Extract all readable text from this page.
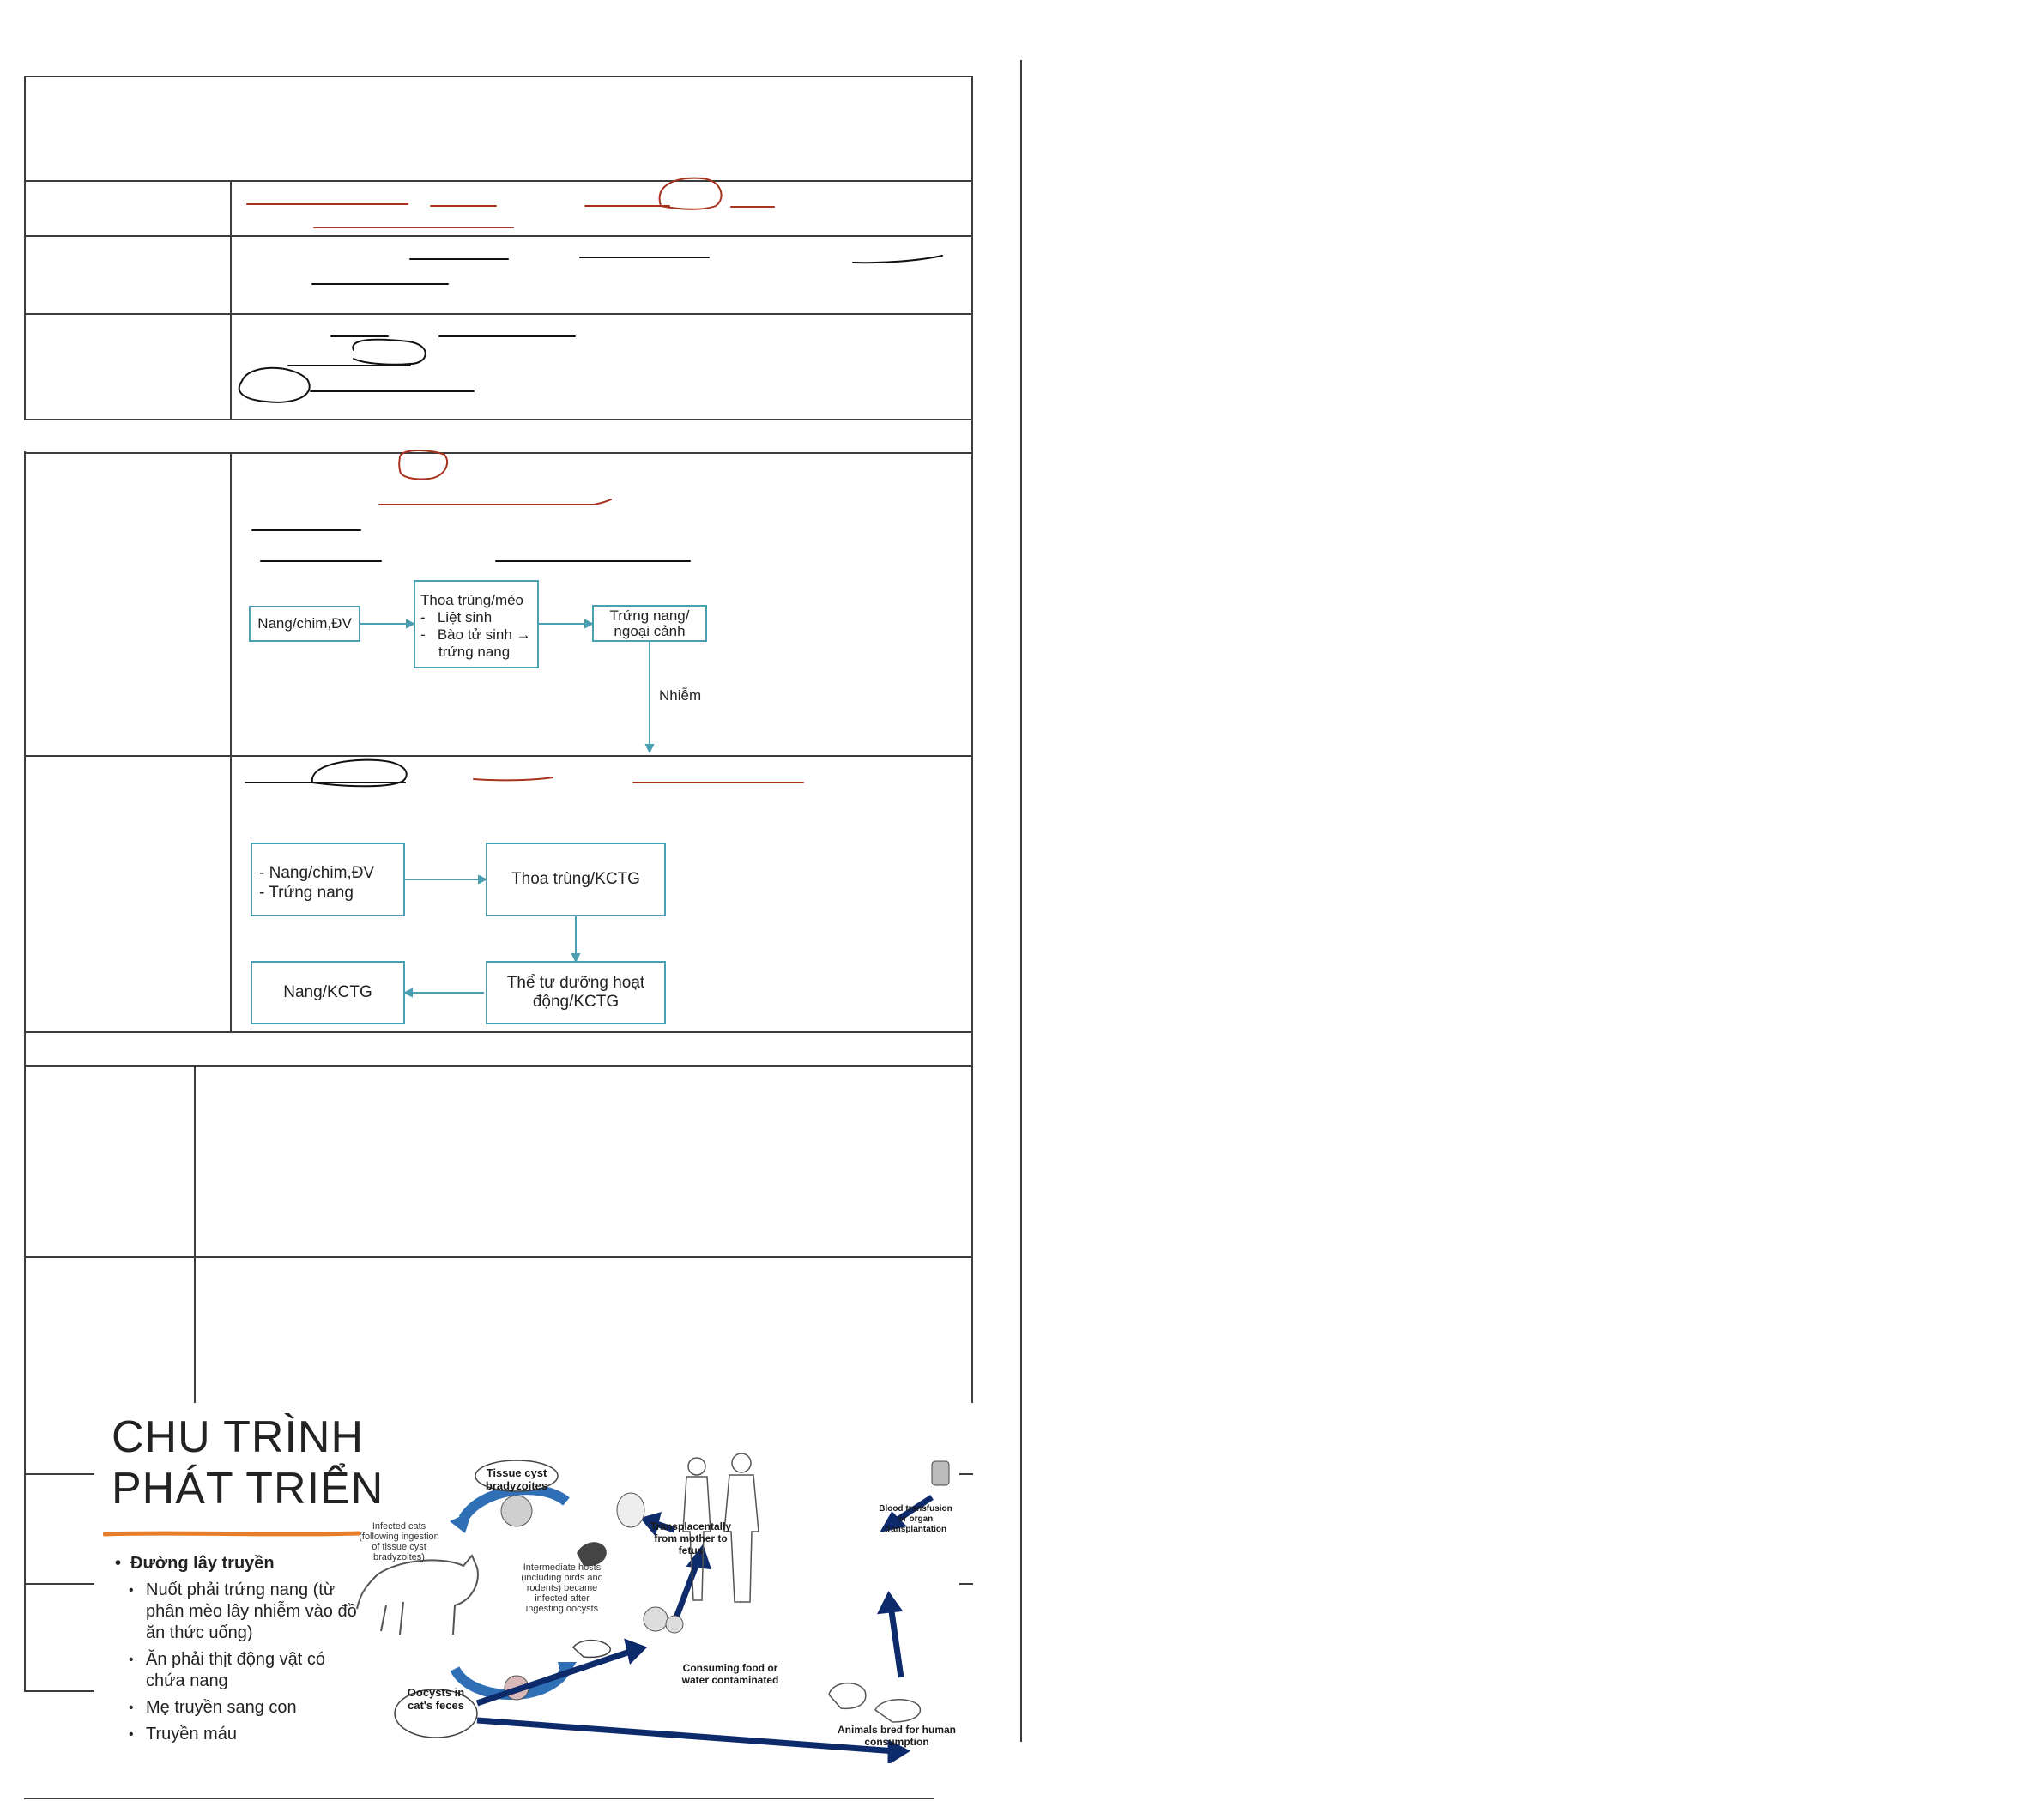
Nang/chim,ĐV
Thoa trùng/mèo
-   Liệt sinh
-   Bào tử sinh →
trứng nang
Trứng nang/
ngoại cảnh
Nhiễm
- Nang/chim,ĐV
- Trứng nang
Thoa trùng/KCTG
Thể tư dưỡng hoạt
động/KCTG
Nang/KCTG
CHU TRÌNH
PHÁT TRIỂN
• Đường lây truyền
• Nuốt phải trứng nang (từ phân mèo lây nhiễm vào đồ ăn thức uống)
• Ăn phải thịt động vật có chứa nang
• Mẹ truyền sang con
• Truyền máu
Tissue cyst bradyzoites
Infected cats (following ingestion of tissue cyst bradyzoites)
Intermediate hosts (including birds and rodents) became infected after ingesting oocysts
Oocysts in cat's feces
Transplacentally from mother to fetus
Blood transfusion or organ transplantation
Consuming food or water contaminated
Animals bred for human consumption
